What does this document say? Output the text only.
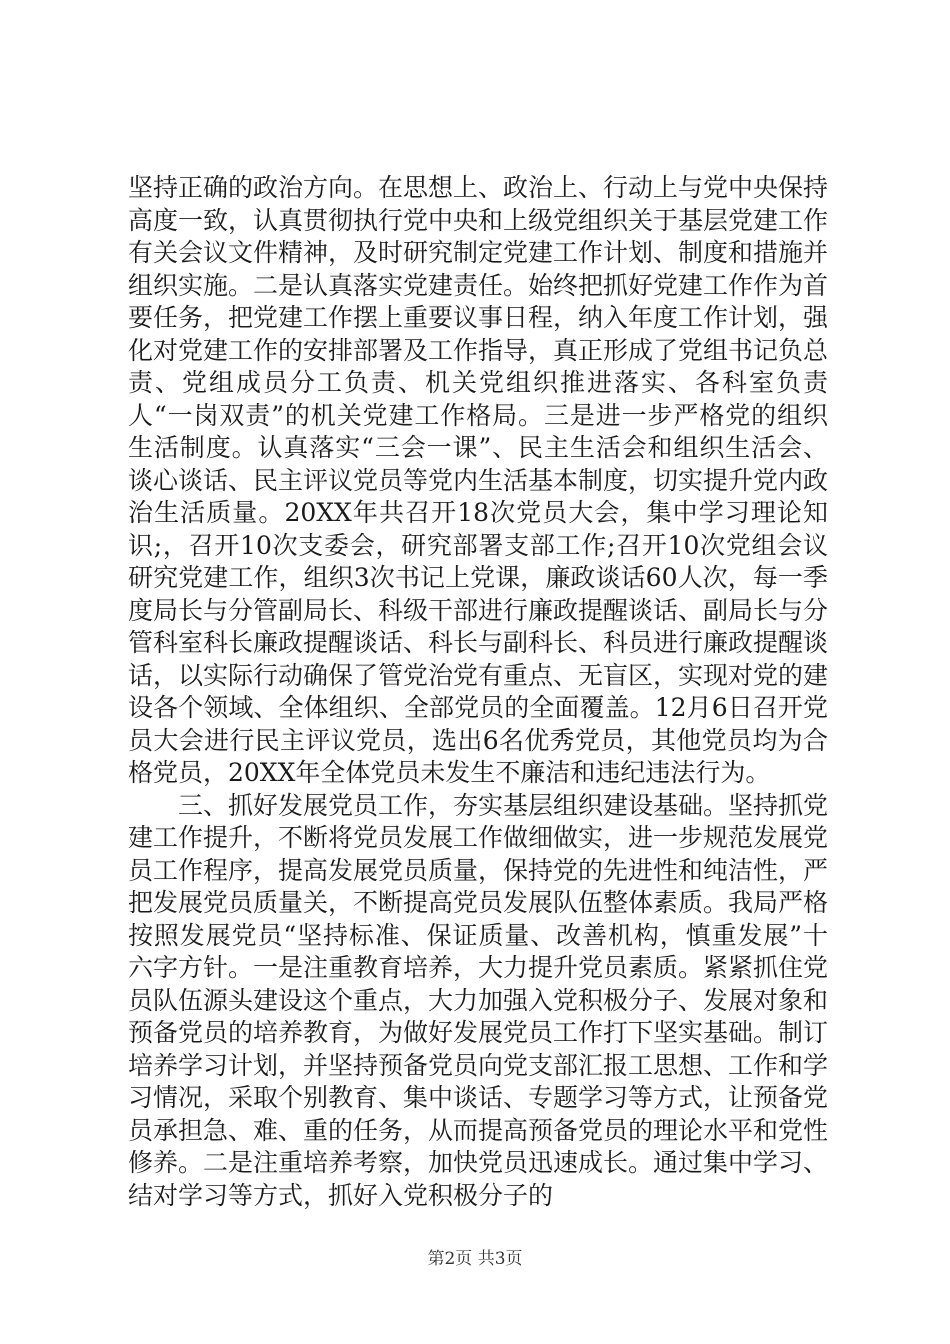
坚持正确的政治方向。在思想上、政治上、行动上与党中央保持高度一致，认真贯彻执行党中央和上级党组织关于基层党建工作有关会议文件精神，及时研究制定党建工作计划、制度和措施并组织实施。二是认真落实党建责任。始终把抓好党建工作作为首要任务，把党建工作摆上重要议事日程，纳入年度工作计划，强化对党建工作的安排部署及工作指导，真正形成了党组书记负总责、党组成员分工负责、机关党组织推进落实、各科室负责人“一岗双责”的机关党建工作格局。三是进一步严格党的组织生活制度。认真落实“三会一课”、民主生活会和组织生活会、谈心谈话、民主评议党员等党内生活基本制度，切实提升党内政治生活质量。20XX年共召开18次党员大会，集中学习理论知识;，召开10次支委会，研究部署支部工作;召开10次党组会议研究党建工作，组织3次书记上党课，廉政谈话60人次，每一季度局长与分管副局长、科级干部进行廉政提醒谈话、副局长与分管科室科长廉政提醒谈话、科长与副科长、科员进行廉政提醒谈话，以实际行动确保了管党治党有重点、无盲区，实现对党的建设各个领域、全体组织、全部党员的全面覆盖。12月6日召开党员大会进行民主评议党员，选出6名优秀党员，其他党员均为合格党员，20XX年全体党员未发生不廉洁和违纪违法行为。

三、抓好发展党员工作，夯实基层组织建设基础。坚持抓党建工作提升，不断将党员发展工作做细做实，进一步规范发展党员工作程序，提高发展党员质量，保持党的先进性和纯洁性，严把发展党员质量关，不断提高党员发展队伍整体素质。我局严格按照发展党员“坚持标准、保证质量、改善机构，慎重发展”十六字方针。一是注重教育培养，大力提升党员素质。紧紧抓住党员队伍源头建设这个重点，大力加强入党积极分子、发展对象和预备党员的培养教育，为做好发展党员工作打下坚实基础。制订培养学习计划，并坚持预备党员向党支部汇报工思想、工作和学习情况，采取个别教育、集中谈话、专题学习等方式，让预备党员承担急、难、重的任务，从而提高预备党员的理论水平和党性修养。二是注重培养考察，加快党员迅速成长。通过集中学习、结对学习等方式，抓好入党积极分子的

第2页 共3页
